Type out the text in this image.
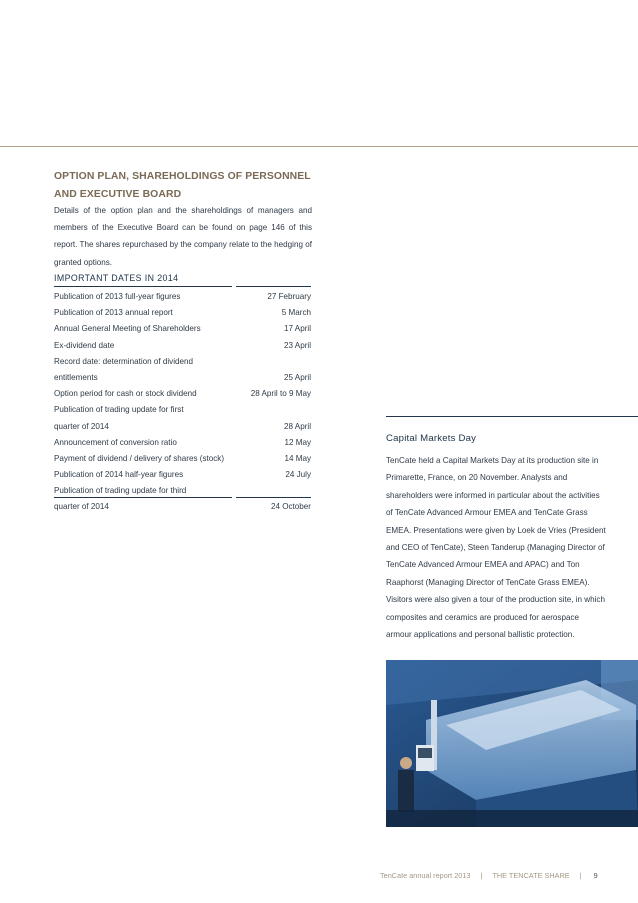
OPTION PLAN, SHAREHOLDINGS OF PERSONNEL
AND EXECUTIVE BOARD
Details of the option plan and the shareholdings of managers and members of the Executive Board can be found on page 146 of this report. The shares repurchased by the company relate to the hedging of granted options.
IMPORTANT DATES IN 2014
Publication of 2013 full-year figures	27 February
Publication of 2013 annual report	5 March
Annual General Meeting of Shareholders	17 April
Ex-dividend date	23 April
Record date: determination of dividend
entitlements	25 April
Option period for cash or stock dividend	28 April to 9 May
Publication of trading update for first
quarter of 2014	28 April
Announcement of conversion ratio	12 May
Payment of dividend / delivery of shares (stock)	14 May
Publication of 2014 half-year figures	24 July
Publication of trading update for third
quarter of 2014	24 October
Capital Markets Day
TenCate held a Capital Markets Day at its production site in Primarette, France, on 20 November. Analysts and shareholders were informed in particular about the activities of TenCate Advanced Armour EMEA and TenCate Grass EMEA. Presentations were given by Loek de Vries (President and CEO of TenCate), Steen Tanderup (Managing Director of TenCate Advanced Armour EMEA and APAC) and Ton Raaphorst (Managing Director of TenCate Grass EMEA). Visitors were also given a tour of the production site, in which composites and ceramics are produced for aerospace armour applications and personal ballistic protection.
TenCate annual report 2013 | THE TENCATE SHARE | 9
